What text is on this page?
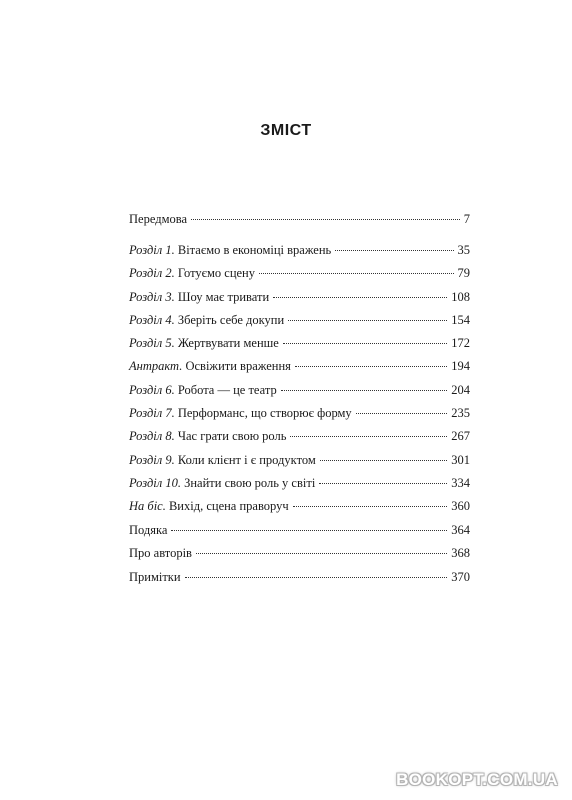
ЗМІСТ
Передмова	7
Розділ 1. Вітаємо в економіці вражень	35
Розділ 2. Готуємо сцену	79
Розділ 3. Шоу має тривати	108
Розділ 4. Зберіть себе докупи	154
Розділ 5. Жертвувати менше	172
Антракт. Освіжити враження	194
Розділ 6. Робота — це театр	204
Розділ 7. Перформанс, що створює форму	235
Розділ 8. Час грати свою роль	267
Розділ 9. Коли клієнт і є продуктом	301
Розділ 10. Знайти свою роль у світі	334
На біс. Вихід, сцена праворуч	360
Подяка	364
Про авторів	368
Примітки	370
BOOKOPT.COM.UA
